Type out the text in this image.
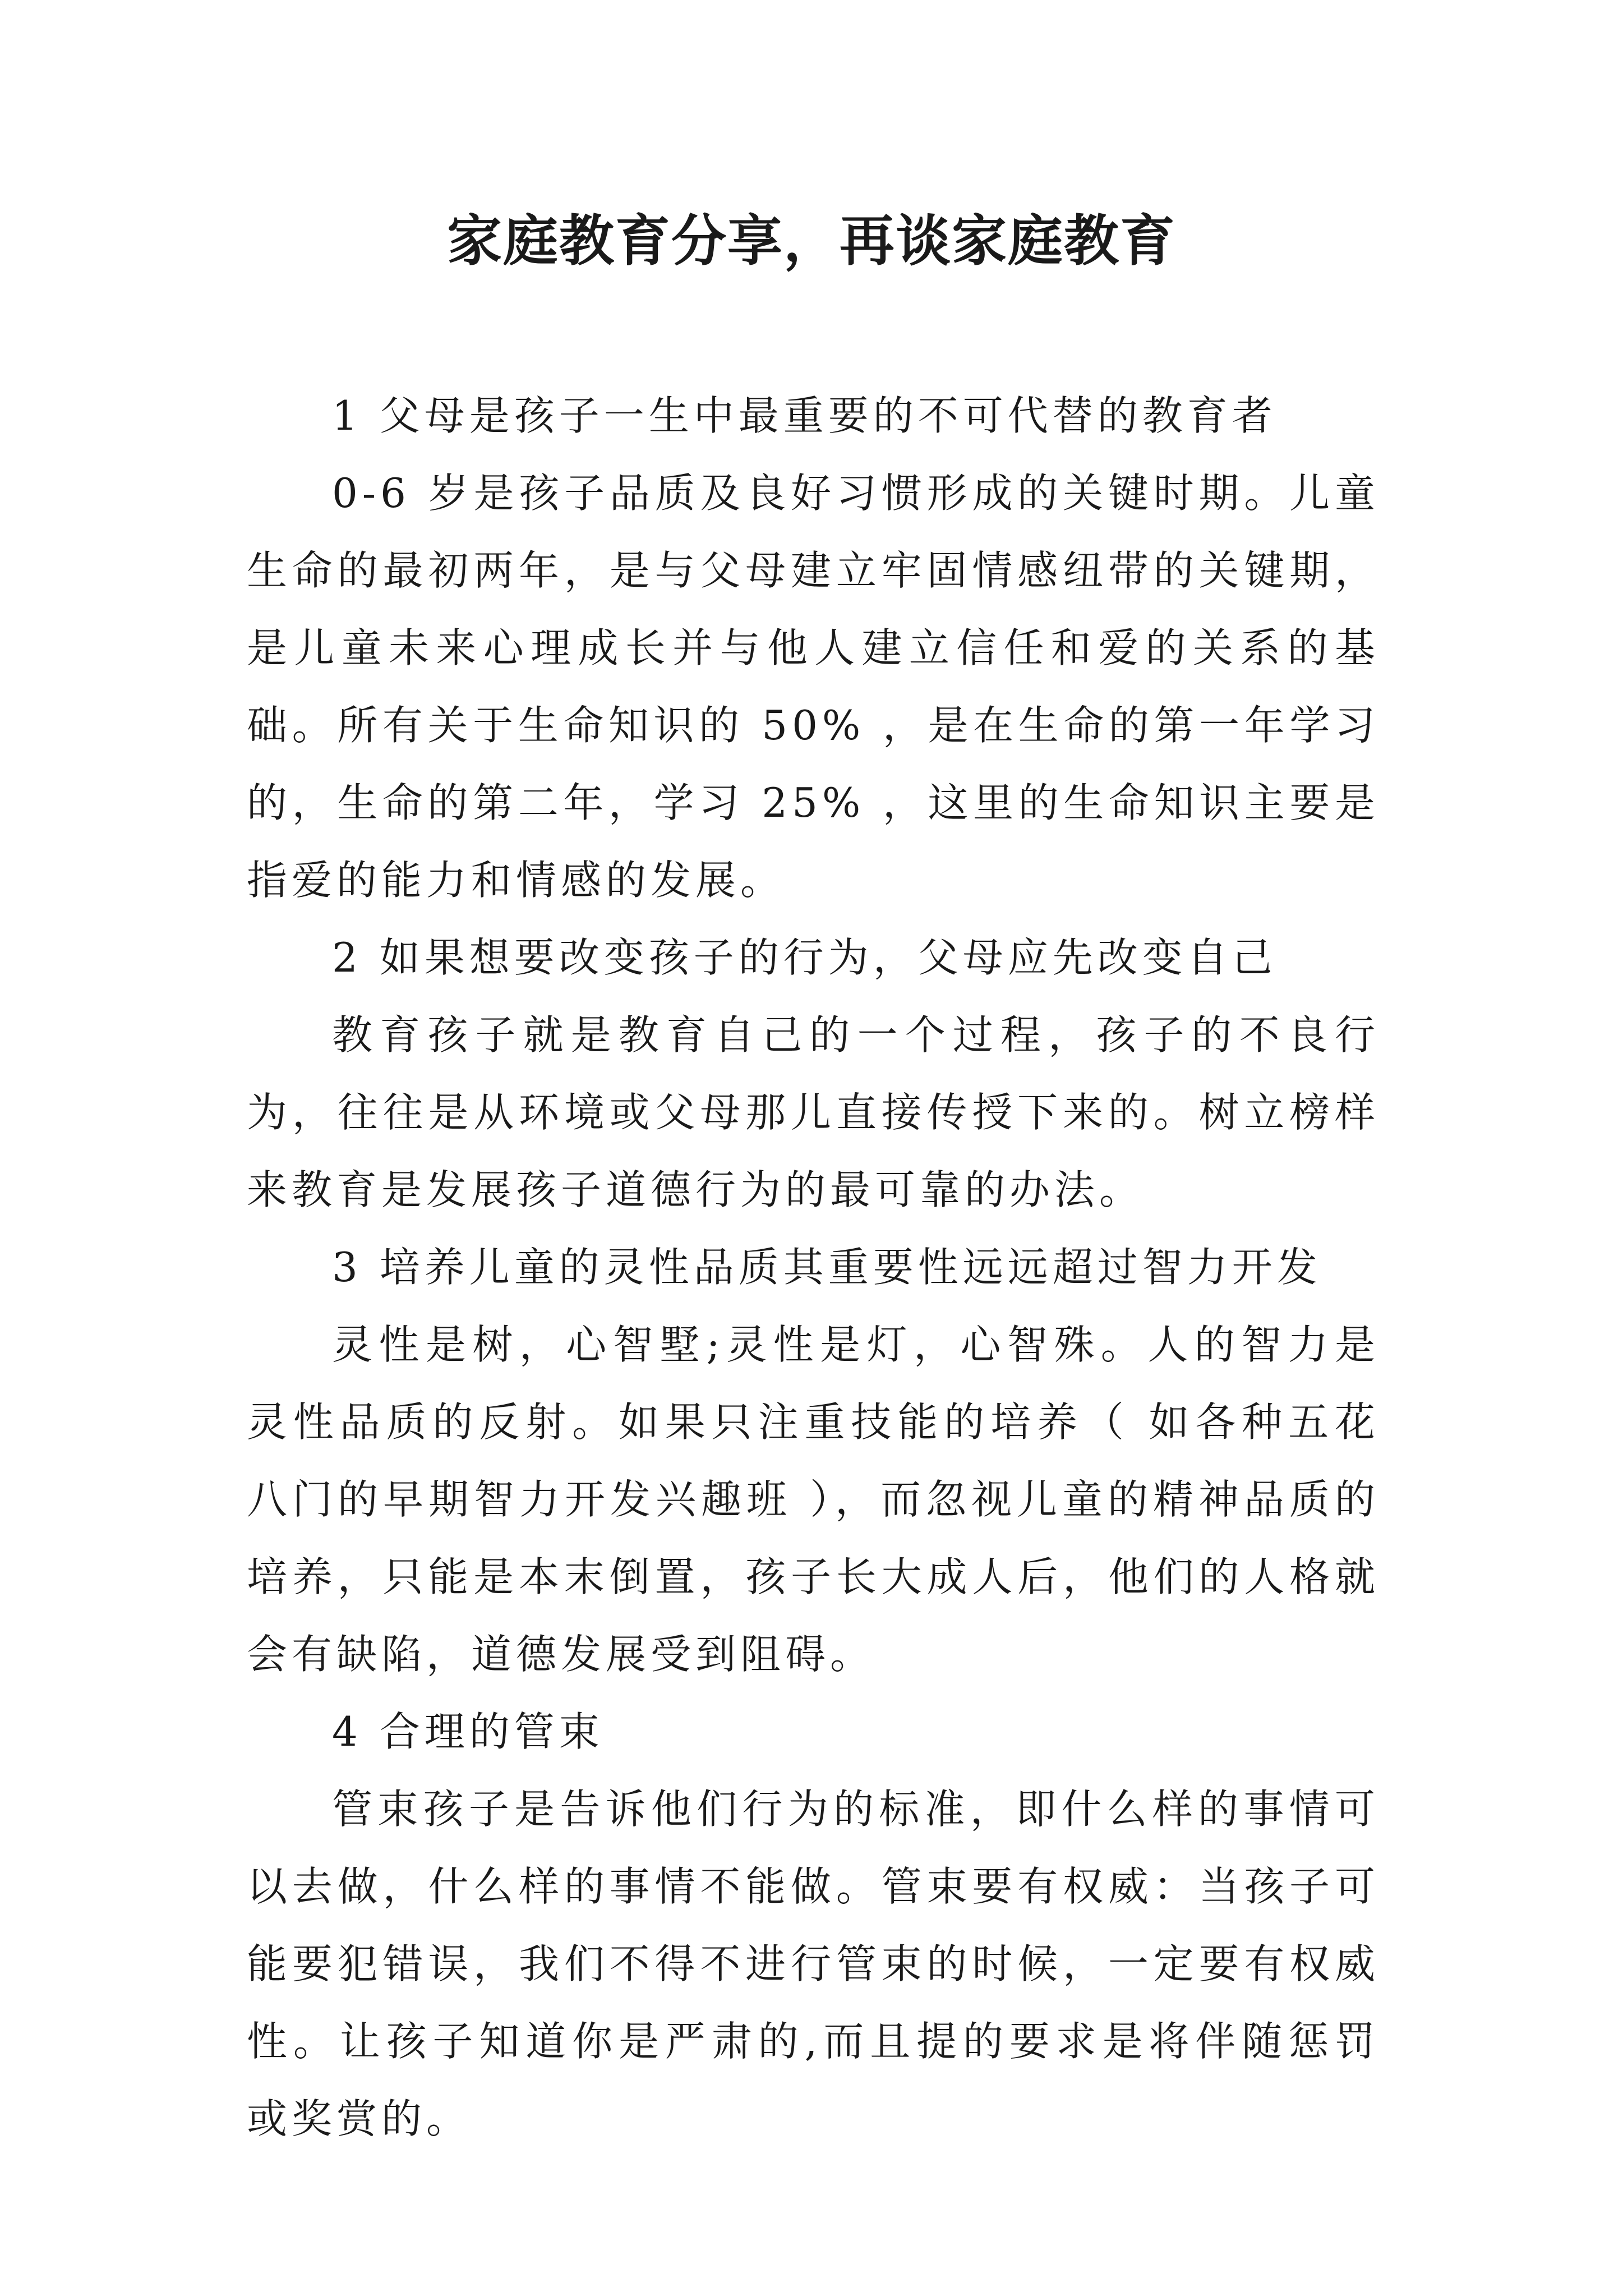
家庭教育分享，再谈家庭教育

1 父母是孩子一生中最重要的不可代替的教育者

0-6 岁是孩子品质及良好习惯形成的关键时期。儿童生命的最初两年，是与父母建立牢固情感纽带的关键期，是儿童未来心理成长并与他人建立信任和爱的关系的基础。所有关于生命知识的 50% ，是在生命的第一年学习的，生命的第二年，学习 25% ，这里的生命知识主要是指爱的能力和情感的发展。

2 如果想要改变孩子的行为，父母应先改变自己

教育孩子就是教育自己的一个过程，孩子的不良行为，往往是从环境或父母那儿直接传授下来的。树立榜样来教育是发展孩子道德行为的最可靠的办法。

3 培养儿童的灵性品质其重要性远远超过智力开发

灵性是树，心智墅;灵性是灯，心智殊。人的智力是灵性品质的反射。如果只注重技能的培养（ 如各种五花八门的早期智力开发兴趣班 ），而忽视儿童的精神品质的培养，只能是本末倒置，孩子长大成人后，他们的人格就会有缺陷，道德发展受到阻碍。

4 合理的管束

管束孩子是告诉他们行为的标准，即什么样的事情可以去做，什么样的事情不能做。管束要有权威：当孩子可能要犯错误，我们不得不进行管束的时候，一定要有权威性。让孩子知道你是严肃的,而且提的要求是将伴随惩罚或奖赏的。
